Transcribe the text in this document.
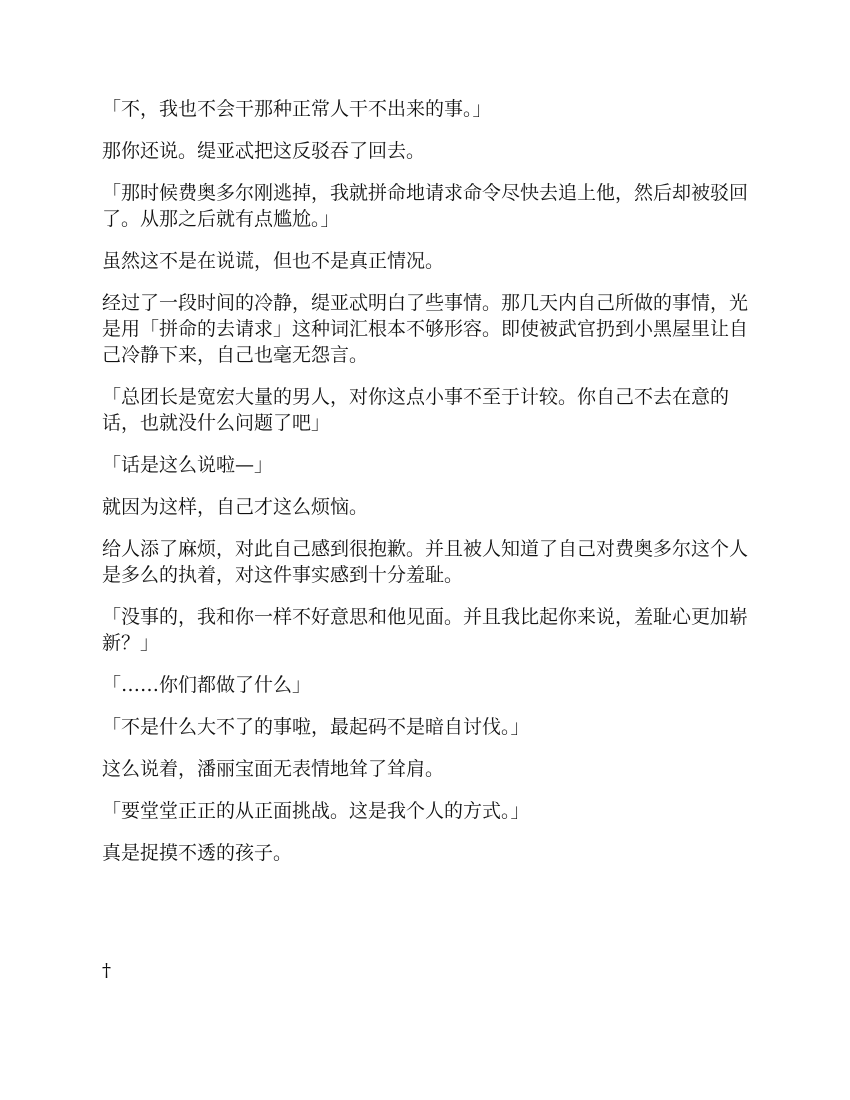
「不，我也不会干那种正常人干不出来的事。」

那你还说。缇亚忒把这反驳吞了回去。

「那时候费奥多尔刚逃掉，我就拼命地请求命令尽快去追上他，然后却被驳回了。从那之后就有点尴尬。」

虽然这不是在说谎，但也不是真正情况。

经过了一段时间的冷静，缇亚忒明白了些事情。那几天内自己所做的事情，光是用「拼命的去请求」这种词汇根本不够形容。即使被武官扔到小黑屋里让自己冷静下来，自己也毫无怨言。

「总团长是宽宏大量的男人，对你这点小事不至于计较。你自己不去在意的话，也就没什么问题了吧」

「话是这么说啦—」

就因为这样，自己才这么烦恼。

给人添了麻烦，对此自己感到很抱歉。并且被人知道了自己对费奥多尔这个人是多么的执着，对这件事实感到十分羞耻。

「没事的，我和你一样不好意思和他见面。并且我比起你来说，羞耻心更加崭新？」

「……你们都做了什么」

「不是什么大不了的事啦，最起码不是暗自讨伐。」

这么说着，潘丽宝面无表情地耸了耸肩。

「要堂堂正正的从正面挑战。这是我个人的方式。」

真是捉摸不透的孩子。

†
